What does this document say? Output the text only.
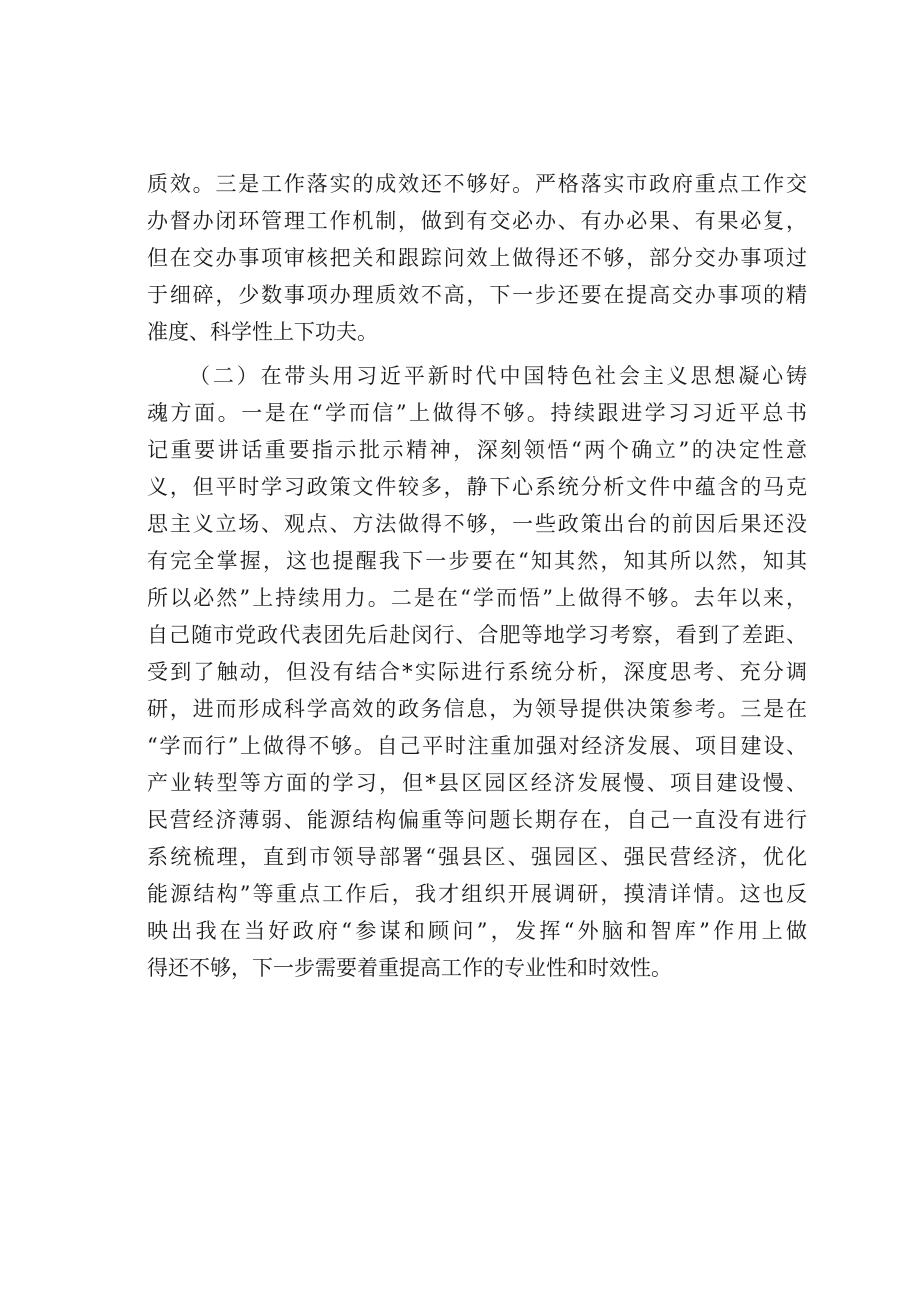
质效。三是工作落实的成效还不够好。严格落实市政府重点工作交
办督办闭环管理工作机制，做到有交必办、有办必果、有果必复，
但在交办事项审核把关和跟踪问效上做得还不够，部分交办事项过
于细碎，少数事项办理质效不高，下一步还要在提高交办事项的精
准度、科学性上下功夫。

（二）在带头用习近平新时代中国特色社会主义思想凝心铸
魂方面。一是在“学而信”上做得不够。持续跟进学习习近平总书
记重要讲话重要指示批示精神，深刻领悟“两个确立”的决定性意
义，但平时学习政策文件较多，静下心系统分析文件中蕴含的马克
思主义立场、观点、方法做得不够，一些政策出台的前因后果还没
有完全掌握，这也提醒我下一步要在“知其然，知其所以然，知其
所以必然”上持续用力。二是在“学而悟”上做得不够。去年以来，
自己随市党政代表团先后赴闵行、合肥等地学习考察，看到了差距、
受到了触动，但没有结合*实际进行系统分析，深度思考、充分调
研，进而形成科学高效的政务信息，为领导提供决策参考。三是在
“学而行”上做得不够。自己平时注重加强对经济发展、项目建设、
产业转型等方面的学习，但*县区园区经济发展慢、项目建设慢、
民营经济薄弱、能源结构偏重等问题长期存在，自己一直没有进行
系统梳理，直到市领导部署“强县区、强园区、强民营经济，优化
能源结构”等重点工作后，我才组织开展调研，摸清详情。这也反
映出我在当好政府“参谋和顾问”，发挥“外脑和智库”作用上做
得还不够，下一步需要着重提高工作的专业性和时效性。
